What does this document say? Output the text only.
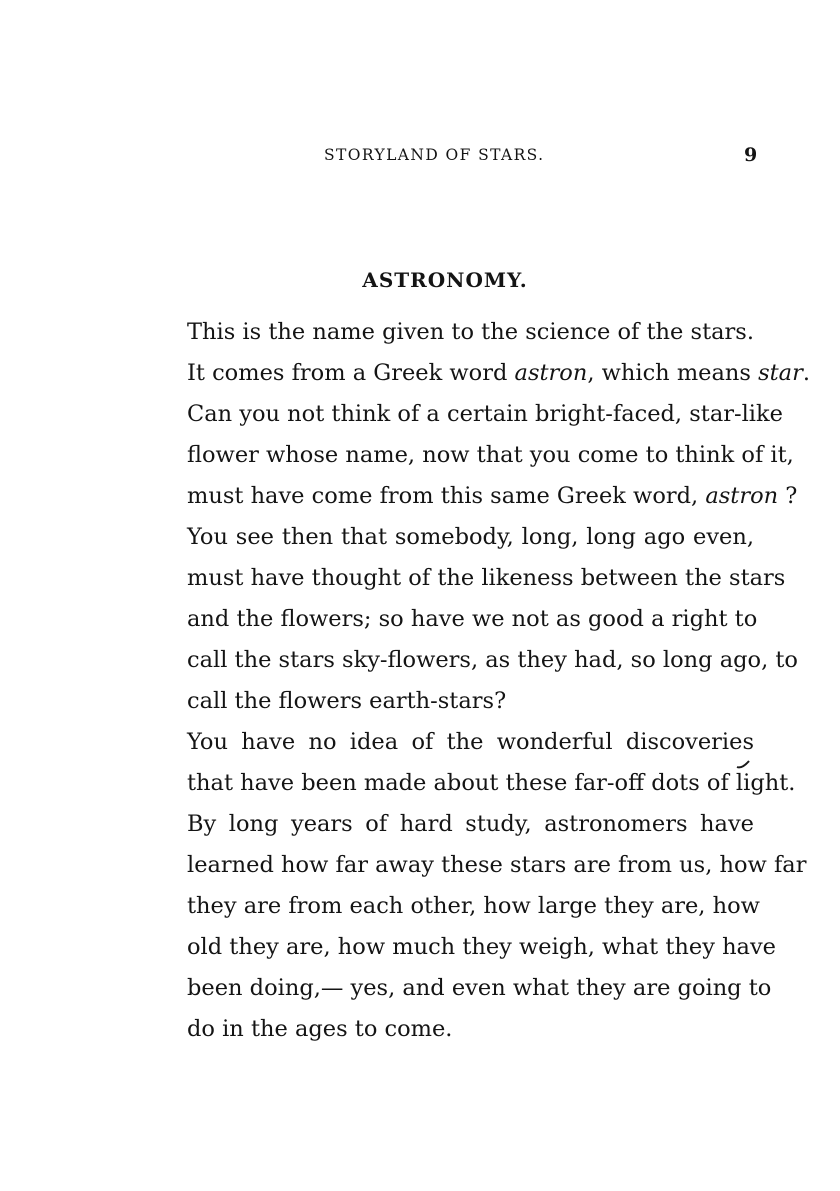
STORYLAND OF STARS.	9
ASTRONOMY.

This is the name given to the science of the stars.
It comes from a Greek word astron, which means star.
Can you not think of a certain bright-faced, star-like
flower whose name, now that you come to think of it,
must have come from this same Greek word, astron ?

You see then that somebody, long, long ago even,
must have thought of the likeness between the stars
and the flowers; so have we not as good a right to
call the stars sky-flowers, as they had, so long ago, to
call the flowers earth-stars?

You have no idea of the wonderful discoveries
that have been made about these far-off dots of light.

By long years of hard study, astronomers have
learned how far away these stars are from us, how far
they are from each other, how large they are, how
old they are, how much they weigh, what they have
been doing,— yes, and even what they are going to
do in the ages to come.
